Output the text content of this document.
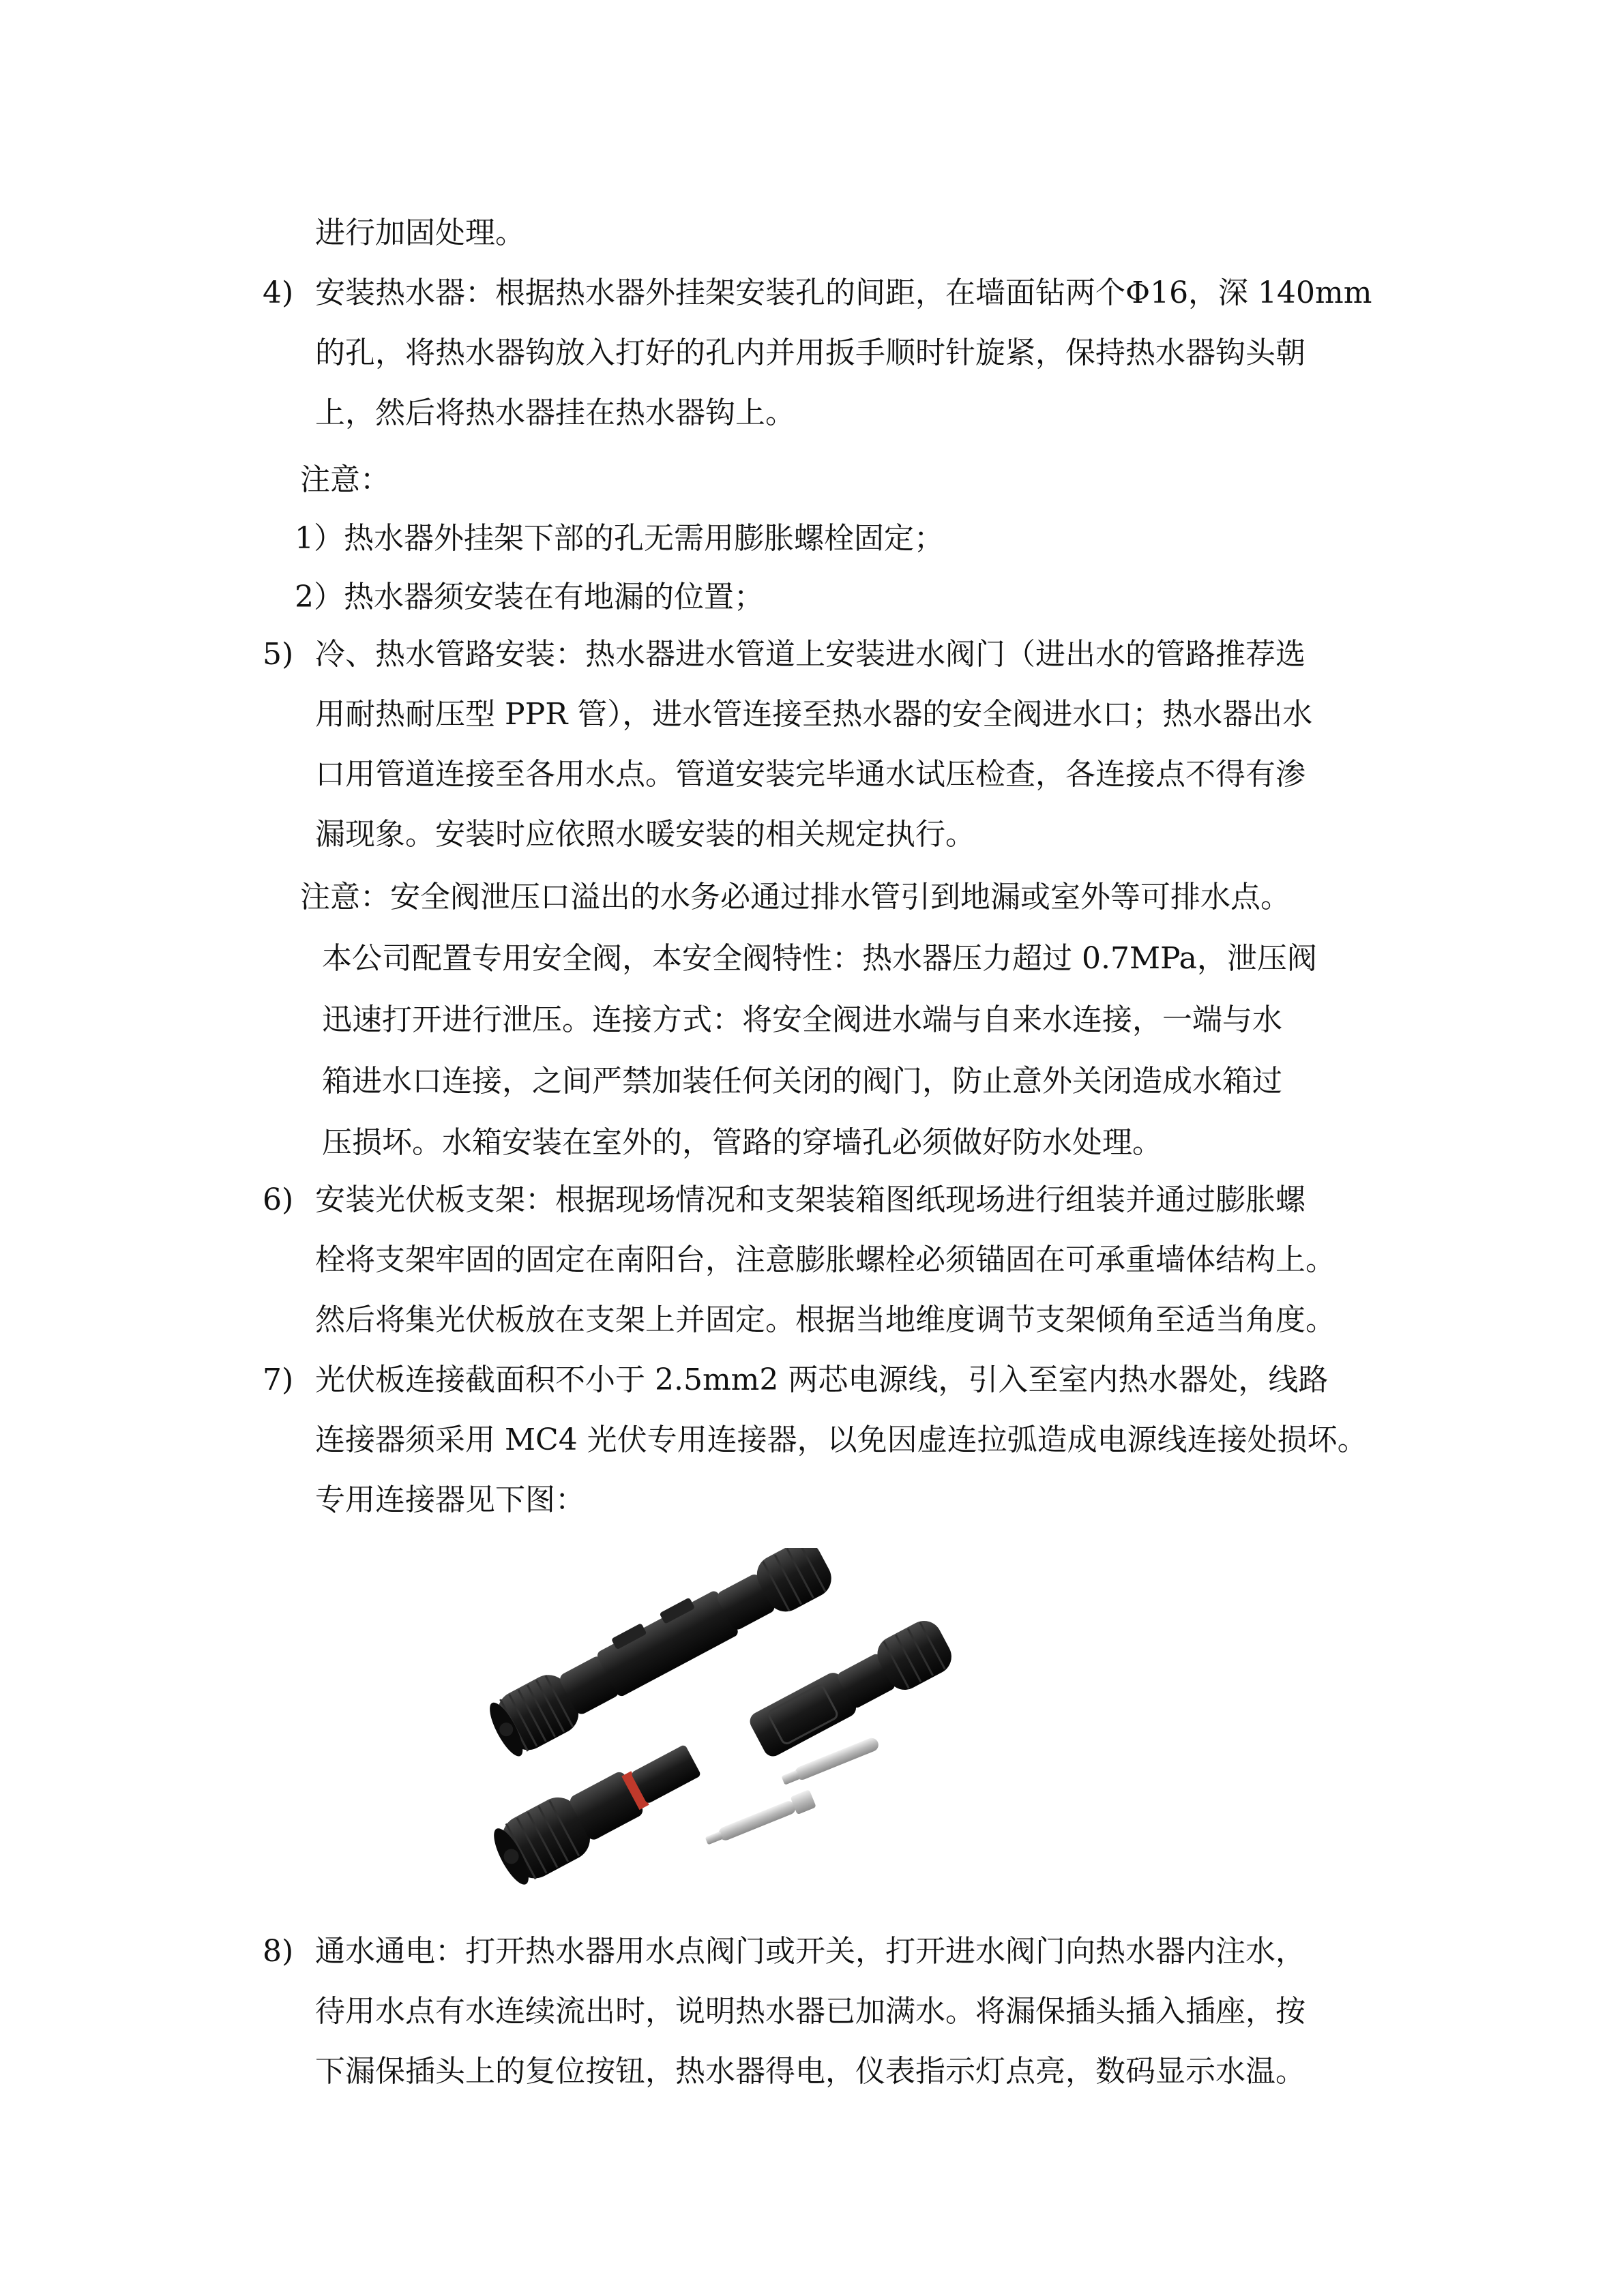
进行加固处理。
4) 安装热水器：根据热水器外挂架安装孔的间距，在墙面钻两个Φ16，深 140mm
的孔，将热水器钩放入打好的孔内并用扳手顺时针旋紧，保持热水器钩头朝
上，然后将热水器挂在热水器钩上。
注意：
1）热水器外挂架下部的孔无需用膨胀螺栓固定；
2）热水器须安装在有地漏的位置；
5) 冷、热水管路安装：热水器进水管道上安装进水阀门（进出水的管路推荐选
用耐热耐压型 PPR 管），进水管连接至热水器的安全阀进水口；热水器出水
口用管道连接至各用水点。管道安装完毕通水试压检查，各连接点不得有渗
漏现象。安装时应依照水暖安装的相关规定执行。
注意：安全阀泄压口溢出的水务必通过排水管引到地漏或室外等可排水点。
本公司配置专用安全阀，本安全阀特性：热水器压力超过 0.7MPa，泄压阀
迅速打开进行泄压。连接方式：将安全阀进水端与自来水连接，一端与水
箱进水口连接，之间严禁加装任何关闭的阀门，防止意外关闭造成水箱过
压损坏。水箱安装在室外的，管路的穿墙孔必须做好防水处理。
6) 安装光伏板支架：根据现场情况和支架装箱图纸现场进行组装并通过膨胀螺
栓将支架牢固的固定在南阳台，注意膨胀螺栓必须锚固在可承重墙体结构上。
然后将集光伏板放在支架上并固定。根据当地维度调节支架倾角至适当角度。
7) 光伏板连接截面积不小于 2.5mm2 两芯电源线，引入至室内热水器处，线路
连接器须采用 MC4 光伏专用连接器，以免因虚连拉弧造成电源线连接处损坏。
专用连接器见下图：
8) 通水通电：打开热水器用水点阀门或开关，打开进水阀门向热水器内注水，
待用水点有水连续流出时，说明热水器已加满水。将漏保插头插入插座，按
下漏保插头上的复位按钮，热水器得电，仪表指示灯点亮，数码显示水温。
